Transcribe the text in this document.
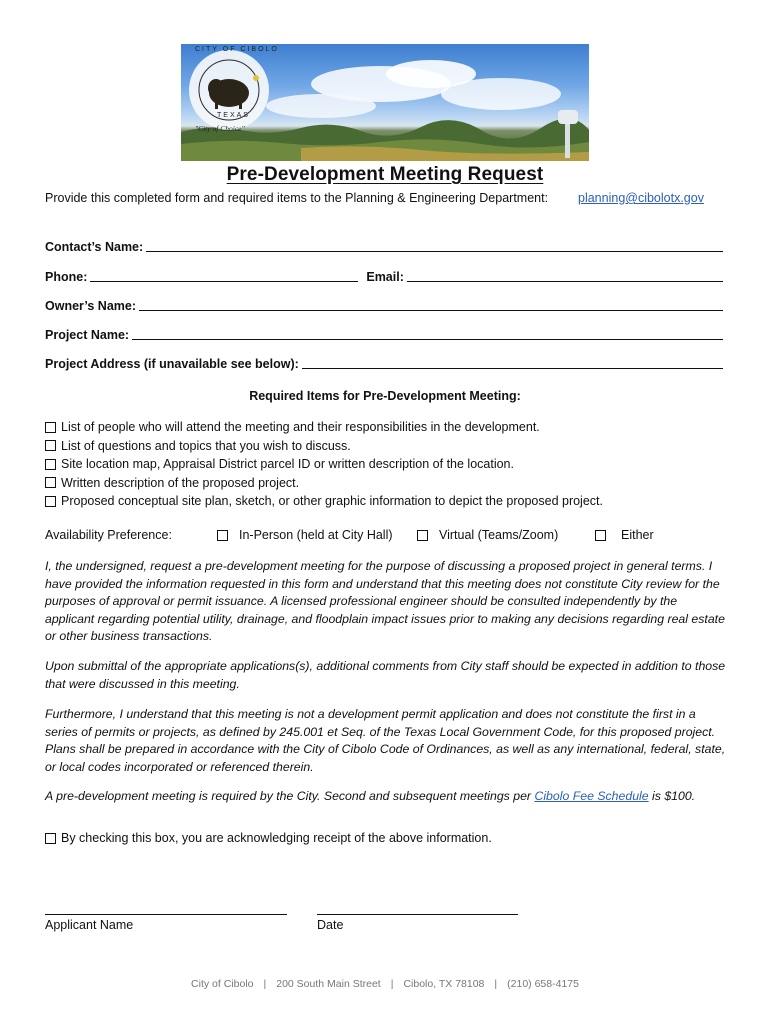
CITY OF CIBOLO
TEXAS
"City of Choice"
Pre-Development Meeting Request
Provide this completed form and required items to the Planning & Engineering Department: planning@cibolotx.gov
Contact’s Name:
Phone:	Email:
Owner’s Name:
Project Name:
Project Address (if unavailable see below):
Required Items for Pre-Development Meeting:
List of people who will attend the meeting and their responsibilities in the development.
List of questions and topics that you wish to discuss.
Site location map, Appraisal District parcel ID or written description of the location.
Written description of the proposed project.
Proposed conceptual site plan, sketch, or other graphic information to depict the proposed project.
Availability Preference:	In-Person (held at City Hall)	Virtual (Teams/Zoom)	Either
I, the undersigned, request a pre-development meeting for the purpose of discussing a proposed project in general terms. I have provided the information requested in this form and understand that this meeting does not constitute City review for the purposes of approval or permit issuance. A licensed professional engineer should be consulted independently by the applicant regarding potential utility, drainage, and floodplain impact issues prior to making any decisions regarding real estate or other business transactions.
Upon submittal of the appropriate applications(s), additional comments from City staff should be expected in addition to those that were discussed in this meeting.
Furthermore, I understand that this meeting is not a development permit application and does not constitute the first in a series of permits or projects, as defined by 245.001 et Seq. of the Texas Local Government Code, for this proposed project. Plans shall be prepared in accordance with the City of Cibolo Code of Ordinances, as well as any international, federal, state, or local codes incorporated or referenced therein.
A pre-development meeting is required by the City. Second and subsequent meetings per Cibolo Fee Schedule is $100.
By checking this box, you are acknowledging receipt of the above information.
Applicant Name	Date
City of Cibolo | 200 South Main Street | Cibolo, TX 78108 | (210) 658-4175
